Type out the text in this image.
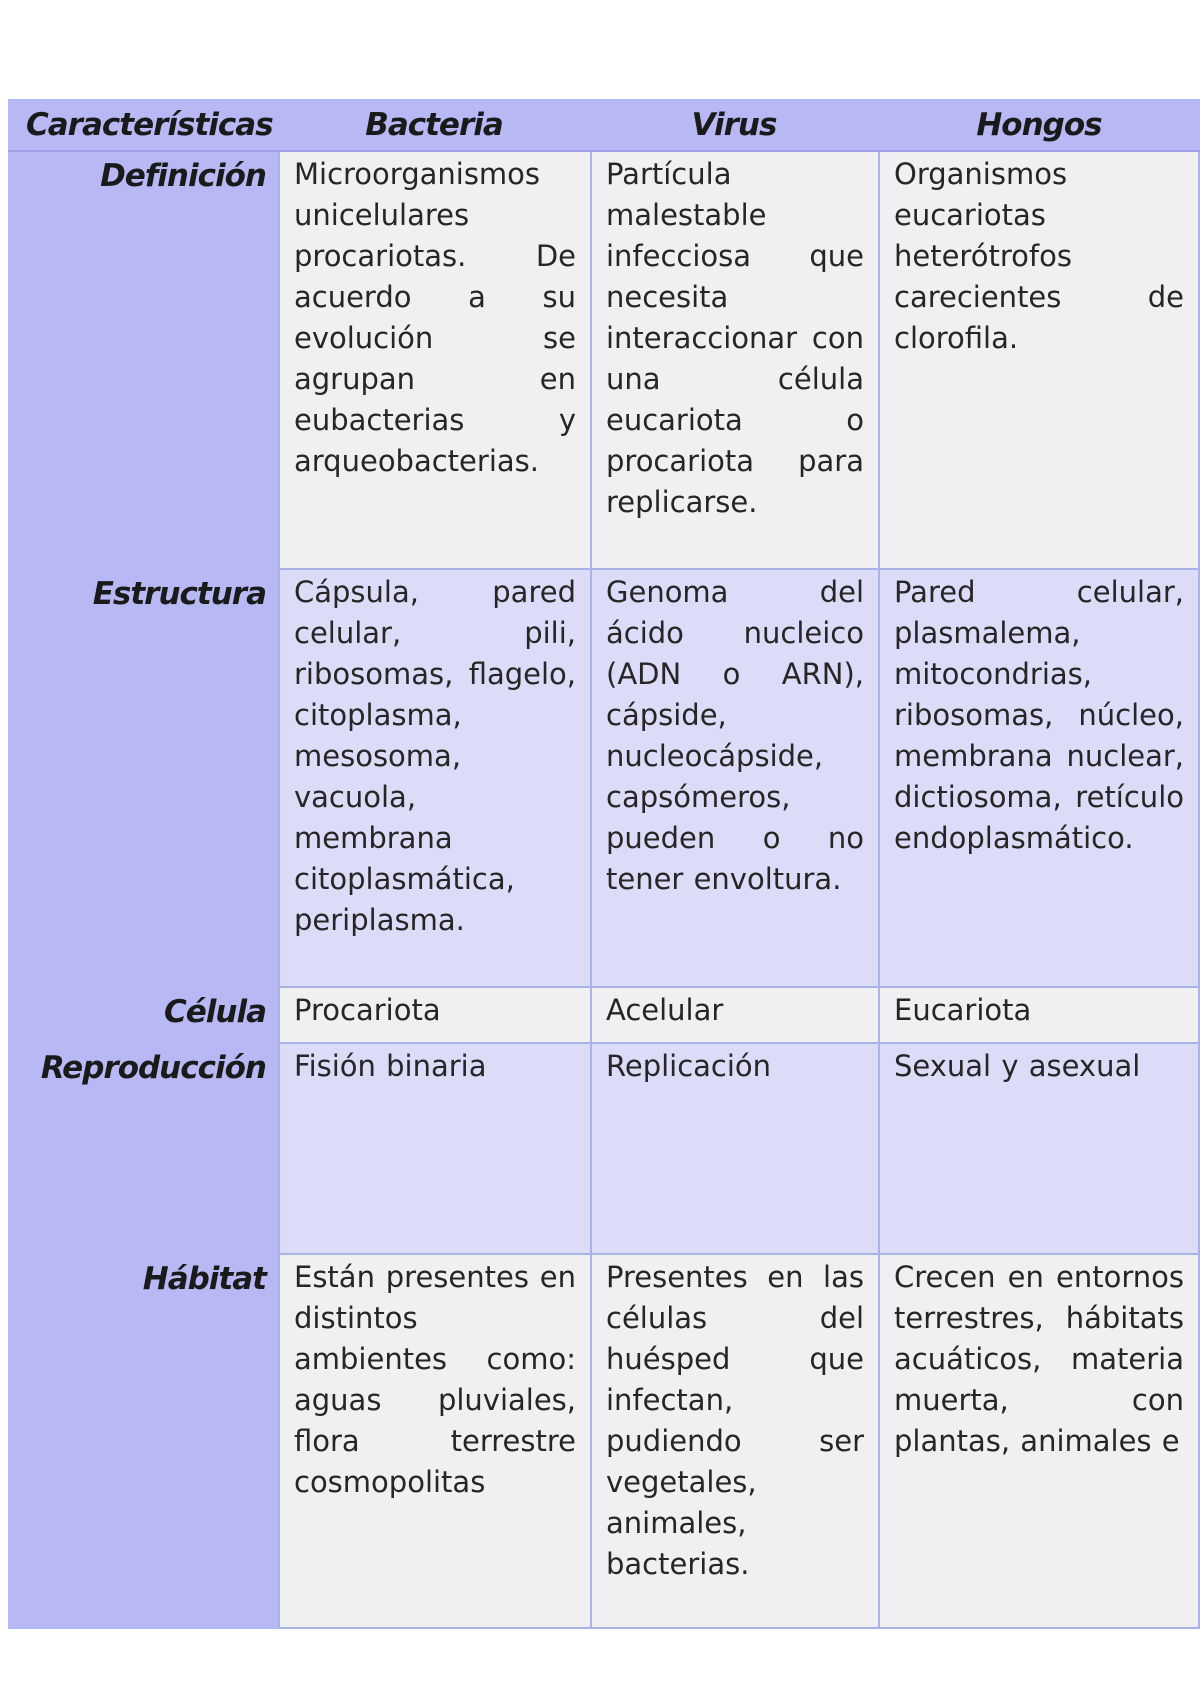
Características	Bacteria	Virus	Hongos
Definición	Microorganismos unicelulares procariotas. De acuerdo a su evolución se agrupan en eubacterias y arqueobacterias.	Partícula malestable infecciosa que necesita interaccionar con una célula eucariota o procariota para replicarse.	Organismos eucariotas heterótrofos carecientes de clorofila.
Estructura	Cápsula, pared celular, pili, ribosomas, flagelo, citoplasma, mesosoma, vacuola, membrana citoplasmática, periplasma.	Genoma del ácido nucleico (ADN o ARN), cápside, nucleocápside, capsómeros, pueden o no tener envoltura.	Pared celular, plasmalema, mitocondrias, ribosomas, núcleo, membrana nuclear, dictiosoma, retículo endoplasmático.
Célula	Procariota	Acelular	Eucariota
Reproducción	Fisión binaria	Replicación	Sexual y asexual
Hábitat	Están presentes en distintos ambientes como: aguas pluviales, flora terrestre cosmopolitas	Presentes en las células del huésped que infectan, pudiendo ser vegetales, animales, bacterias.	Crecen en entornos terrestres, hábitats acuáticos, materia muerta, con plantas, animales e
